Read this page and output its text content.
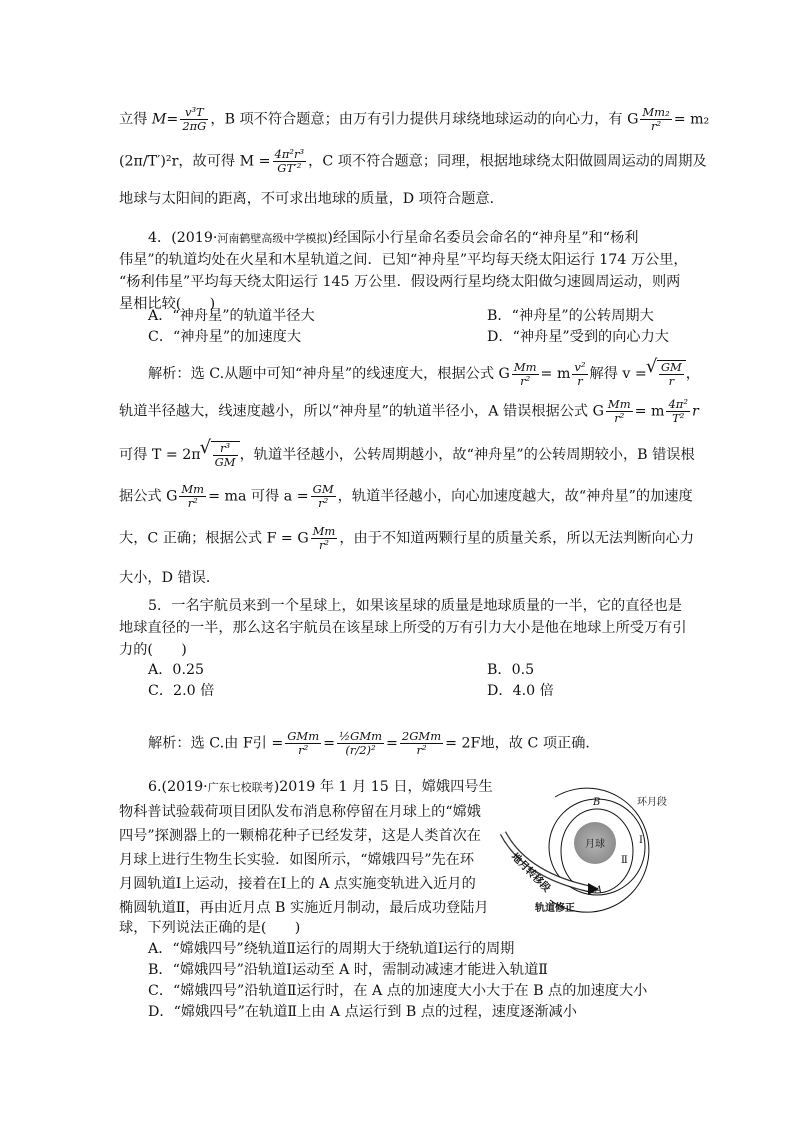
立得 $M= \frac{\text{v³T}}{2\pi G}$ ，B 项不符合题意；由万有引力提供月球绕地球运动的向心力，有 G $\frac{\text{Mm₂}}{\text{r²}} = m_2$
(2π/T′)²r，故可得 $M = \frac{\text{4π²r³}}{\text{GT′²}}$ ，C 项不符合题意；同理，根据地球绕太阳做圆周运动的周期及
地球与太阳间的距离，不可求出地球的质量，D 项符合题意．
4．(2019·河南鹤壁高级中学模拟)经国际小行星命名委员会命名的“神舟星”和“杨利
伟星”的轨道均处在火星和木星轨道之间．已知“神舟星”平均每天绕太阳运行 174 万公里，
“杨利伟星”平均每天绕太阳运行 145 万公里．假设两行星均绕太阳做匀速圆周运动，则两
星相比较(　　)
A．“神舟星”的轨道半径大	B．“神舟星”的公转周期大
C．“神舟星”的加速度大	D．“神舟星”受到的向心力大
解析：选 C.从题中可知“神舟星”的线速度大，根据公式 G $\frac{Mm}{\text{r²}} = m \frac{\text{v²}}{r}$ 解得 v = √ $\frac{GM}{r}$ ，
轨道半径越大，线速度越小，所以“神舟星”的轨道半径小，A 错误根据公式 G $\frac{Mm}{\text{r²}} = m \frac{\text{4π²}}{\text{T²}}$ r
可得 T = 2π √ $\frac{\text{r³}}{GM}$ ，轨道半径越小，公转周期越小，故“神舟星”的公转周期较小，B 错误根
据公式 G $\frac{Mm}{\text{r²}}$ = ma 可得 $a = \frac{GM}{\text{r²}}$ ，轨道半径越小，向心加速度越大，故“神舟星”的加速度
大，C 正确；根据公式 F = G $\frac{Mm}{\text{r²}}$ ，由于不知道两颗行星的质量关系，所以无法判断向心力
大小，D 错误．
5．一名宇航员来到一个星球上，如果该星球的质量是地球质量的一半，它的直径也是
地球直径的一半，那么这名宇航员在该星球上所受的万有引力大小是他在地球上所受万有引
力的(　　)
A．0.25	B．0.5
C．2.0 倍	D．4.0 倍
解析：选 C.由 F引 = $\frac{\text{GMm}}{\text{r²}} = \frac{\text{½GMm}}{\text{(r/2)²}} = \frac{\text{2GMm}}{\text{r²}} = 2F$地，故 C 项正确．
6.(2019·广东七校联考)2019 年 1 月 15 日，嫦娥四号生
物科普试验载荷项目团队发布消息称停留在月球上的“嫦娥
四号”探测器上的一颗棉花种子已经发芽，这是人类首次在
月球上进行生物生长实验．如图所示，“嫦娥四号”先在环
月圆轨道Ⅰ上运动，接着在Ⅰ上的 A 点实施变轨进入近月的
椭圆轨道Ⅱ，再由近月点 B 实施近月制动，最后成功登陆月
球，下列说法正确的是(　　)
A．“嫦娥四号”绕轨道Ⅱ运行的周期大于绕轨道Ⅰ运行的周期
B．“嫦娥四号”沿轨道Ⅰ运动至 A 时，需制动减速才能进入轨道Ⅱ
C．“嫦娥四号”沿轨道Ⅱ运行时，在 A 点的加速度大小大于在 B 点的加速度大小
D．“嫦娥四号”在轨道Ⅱ上由 A 点运行到 B 点的过程，速度逐渐减小
月球
地月转移段
环月段
轨道修正
B
A
Ⅰ
Ⅱ
